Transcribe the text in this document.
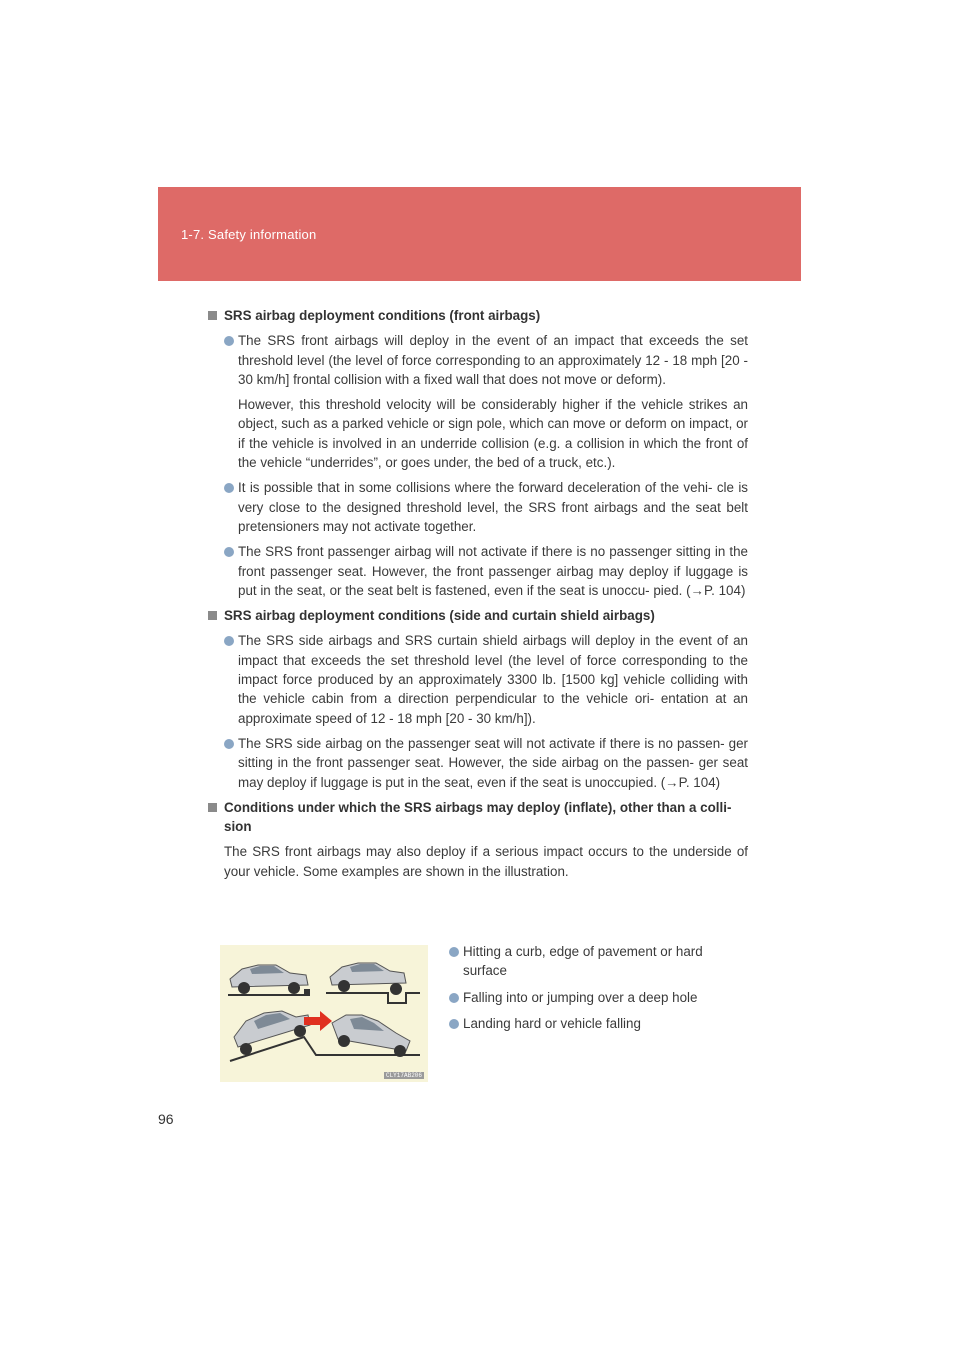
1-7. Safety information
SRS airbag deployment conditions (front airbags)
The SRS front airbags will deploy in the event of an impact that exceeds the set threshold level (the level of force corresponding to an approximately 12 - 18 mph [20 - 30 km/h] frontal collision with a fixed wall that does not move or deform).
However, this threshold velocity will be considerably higher if the vehicle strikes an object, such as a parked vehicle or sign pole, which can move or deform on impact, or if the vehicle is involved in an underride collision (e.g. a collision in which the front of the vehicle “underrides”, or goes under, the bed of a truck, etc.).
It is possible that in some collisions where the forward deceleration of the vehi- cle is very close to the designed threshold level, the SRS front airbags and the seat belt pretensioners may not activate together.
The SRS front passenger airbag will not activate if there is no passenger sitting in the front passenger seat. However, the front passenger airbag may deploy if luggage is put in the seat, or the seat belt is fastened, even if the seat is unoccu- pied. (→P. 104)
SRS airbag deployment conditions (side and curtain shield airbags)
The SRS side airbags and SRS curtain shield airbags will deploy in the event of an impact that exceeds the set threshold level (the level of force corresponding to the impact force produced by an approximately 3300 lb. [1500 kg] vehicle colliding with the vehicle cabin from a direction perpendicular to the vehicle ori- entation at an approximate speed of 12 - 18 mph [20 - 30 km/h]).
The SRS side airbag on the passenger seat will not activate if there is no passen- ger sitting in the front passenger seat. However, the side airbag on the passen- ger seat may deploy if luggage is put in the seat, even if the seat is unoccupied. (→P. 104)
Conditions under which the SRS airbags may deploy (inflate), other than a colli- sion
The SRS front airbags may also deploy if a serious impact occurs to the underside of your vehicle. Some examples are shown in the illustration.
CLY17AB206
Hitting a curb, edge of pavement or hard surface
Falling into or jumping over a deep hole
Landing hard or vehicle falling
96
